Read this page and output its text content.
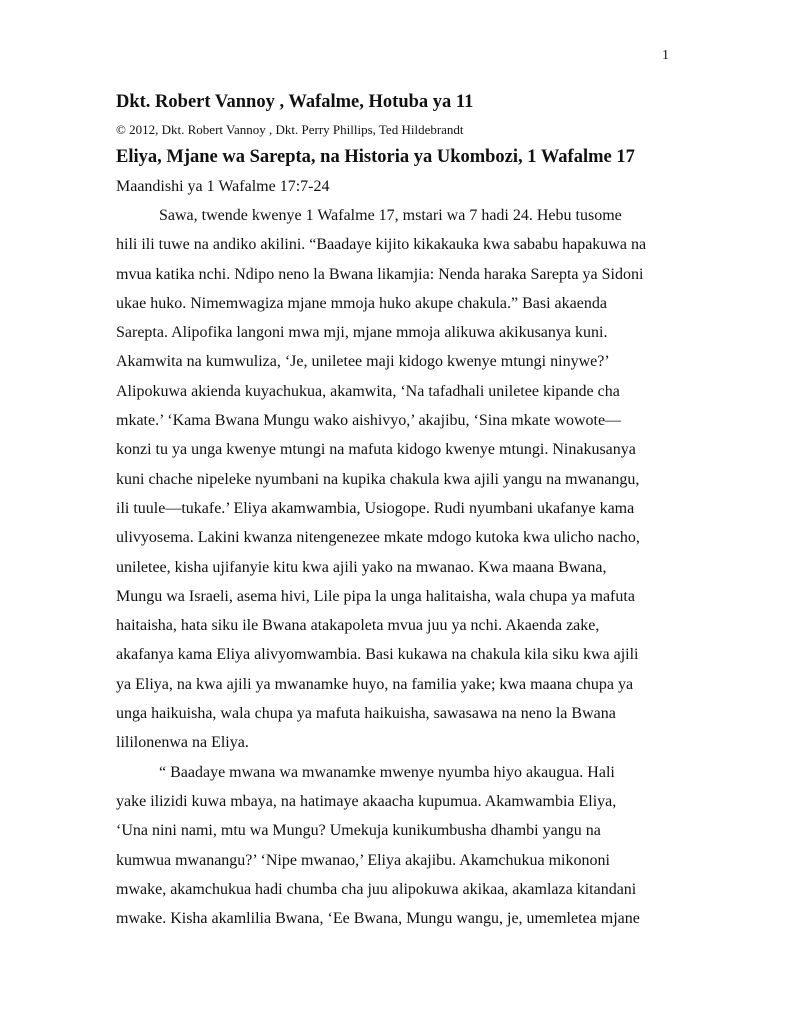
1

Dkt. Robert Vannoy , Wafalme, Hotuba ya 11

© 2012, Dkt. Robert Vannoy , Dkt. Perry Phillips, Ted Hildebrandt

Eliya, Mjane wa Sarepta, na Historia ya Ukombozi, 1 Wafalme 17

Maandishi ya 1 Wafalme 17:7-24

Sawa, twende kwenye 1 Wafalme 17, mstari wa 7 hadi 24. Hebu tusome
hili ili tuwe na andiko akilini. “Baadaye kijito kikakauka kwa sababu hapakuwa na
mvua katika nchi. Ndipo neno la Bwana likamjia: Nenda haraka Sarepta ya Sidoni
ukae huko. Nimemwagiza mjane mmoja huko akupe chakula.” Basi akaenda
Sarepta. Alipofika langoni mwa mji, mjane mmoja alikuwa akikusanya kuni.
Akamwita na kumwuliza, ‘Je, uniletee maji kidogo kwenye mtungi ninywe?’
Alipokuwa akienda kuyachukua, akamwita, ‘Na tafadhali uniletee kipande cha
mkate.’ ‘Kama Bwana Mungu wako aishivyo,’ akajibu, ‘Sina mkate wowote—
konzi tu ya unga kwenye mtungi na mafuta kidogo kwenye mtungi. Ninakusanya
kuni chache nipeleke nyumbani na kupika chakula kwa ajili yangu na mwanangu,
ili tuule—tukafe.’ Eliya akamwambia, Usiogope. Rudi nyumbani ukafanye kama
ulivyosema. Lakini kwanza nitengenezee mkate mdogo kutoka kwa ulicho nacho,
uniletee, kisha ujifanyie kitu kwa ajili yako na mwanao. Kwa maana Bwana,
Mungu wa Israeli, asema hivi, Lile pipa la unga halitaisha, wala chupa ya mafuta
haitaisha, hata siku ile Bwana atakapoleta mvua juu ya nchi. Akaenda zake,
akafanya kama Eliya alivyomwambia. Basi kukawa na chakula kila siku kwa ajili
ya Eliya, na kwa ajili ya mwanamke huyo, na familia yake; kwa maana chupa ya
unga haikuisha, wala chupa ya mafuta haikuisha, sawasawa na neno la Bwana
lililonenwa na Eliya.
“ Baadaye mwana wa mwanamke mwenye nyumba hiyo akaugua. Hali
yake ilizidi kuwa mbaya, na hatimaye akaacha kupumua. Akamwambia Eliya,
‘Una nini nami, mtu wa Mungu? Umekuja kunikumbusha dhambi yangu na
kumwua mwanangu?’ ‘Nipe mwanao,’ Eliya akajibu. Akamchukua mikononi
mwake, akamchukua hadi chumba cha juu alipokuwa akikaa, akamlaza kitandani
mwake. Kisha akamlilia Bwana, ‘Ee Bwana, Mungu wangu, je, umemletea mjane
